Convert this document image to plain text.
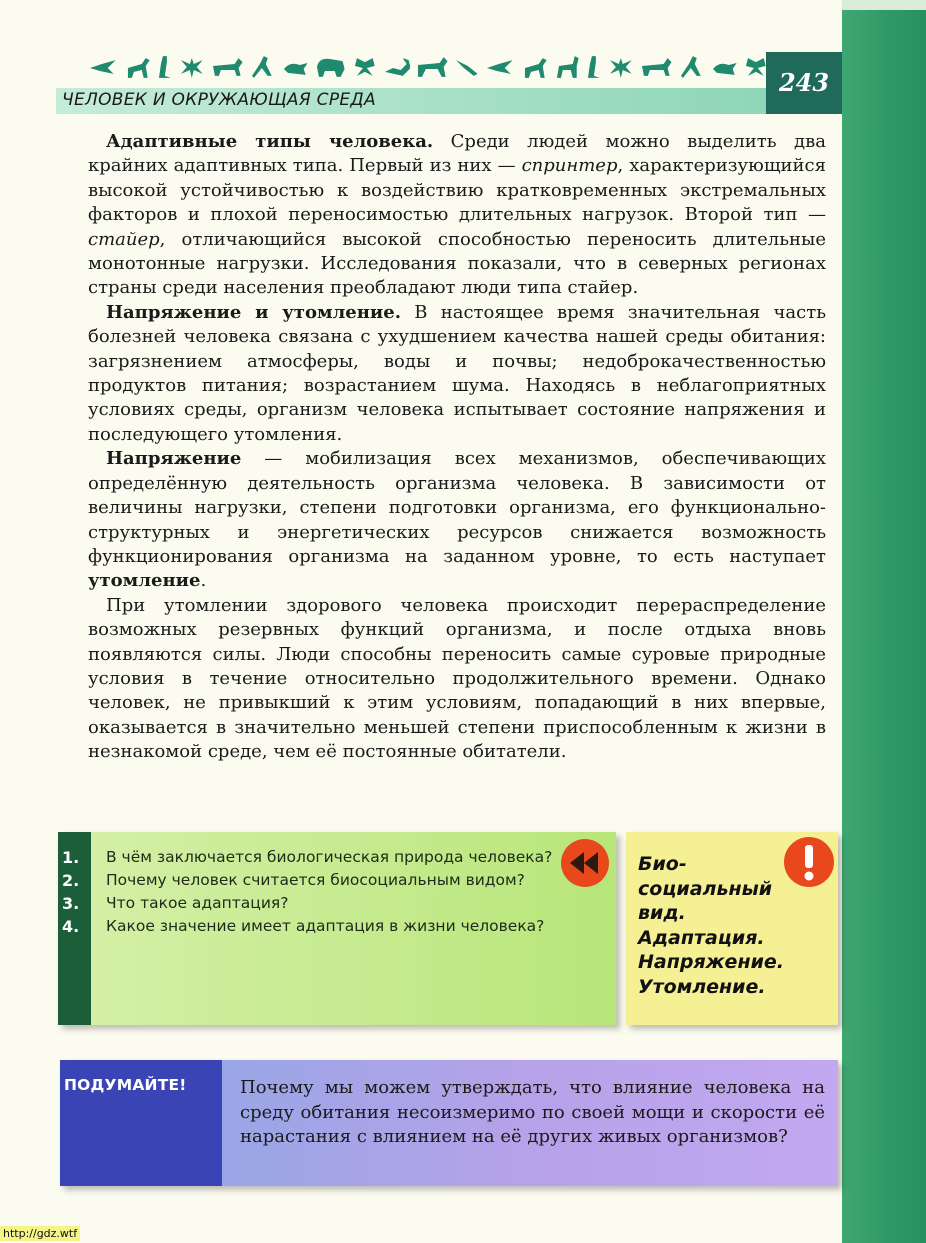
ЧЕЛОВЕК И ОКРУЖАЮЩАЯ СРЕДА
243

 Адаптивные типы человека. Среди людей можно выделить два крайних адаптивных типа. Первый из них — спринтер, характеризующийся высокой устойчивостью к воздействию кратковременных экстремальных факторов и плохой переносимостью длительных нагрузок. Второй тип — стайер, отличающийся высокой способностью переносить длительные монотонные нагрузки. Исследования показали, что в северных регионах страны среди населения преобладают люди типа стайер.

 Напряжение и утомление. В настоящее время значительная часть болезней человека связана с ухудшением качества нашей среды обитания: загрязнением атмосферы, воды и почвы; недоброкачественностью продуктов питания; возрастанием шума. Находясь в неблагоприятных условиях среды, организм человека испытывает состояние напряжения и последующего утомления.

 Напряжение — мобилизация всех механизмов, обеспечивающих определённую деятельность организма человека. В зависимости от величины нагрузки, степени подготовки организма, его функционально-структурных и энергетических ресурсов снижается возможность функционирования организма на заданном уровне, то есть наступает утомление.

 При утомлении здорового человека происходит перераспределение возможных резервных функций организма, и после отдыха вновь появляются силы. Люди способны переносить самые суровые природные условия в течение относительно продолжительного времени. Однако человек, не привыкший к этим условиям, попадающий в них впервые, оказывается в значительно меньшей степени приспособленным к жизни в незнакомой среде, чем её постоянные обитатели.

1.	В чём заключается биологическая природа человека?
2.	Почему человек считается биосоциальным видом?
3.	Что такое адаптация?
4.	Какое значение имеет адаптация в жизни человека?
Био-
социальный
вид.
Адаптация.
Напряжение.
Утомление.
ПОДУМАЙТЕ!	Почему мы можем утверждать, что влияние человека на среду обитания несоизмеримо по своей мощи и скорости её нарастания с влиянием на её других живых организмов?
http://gdz.wtf
